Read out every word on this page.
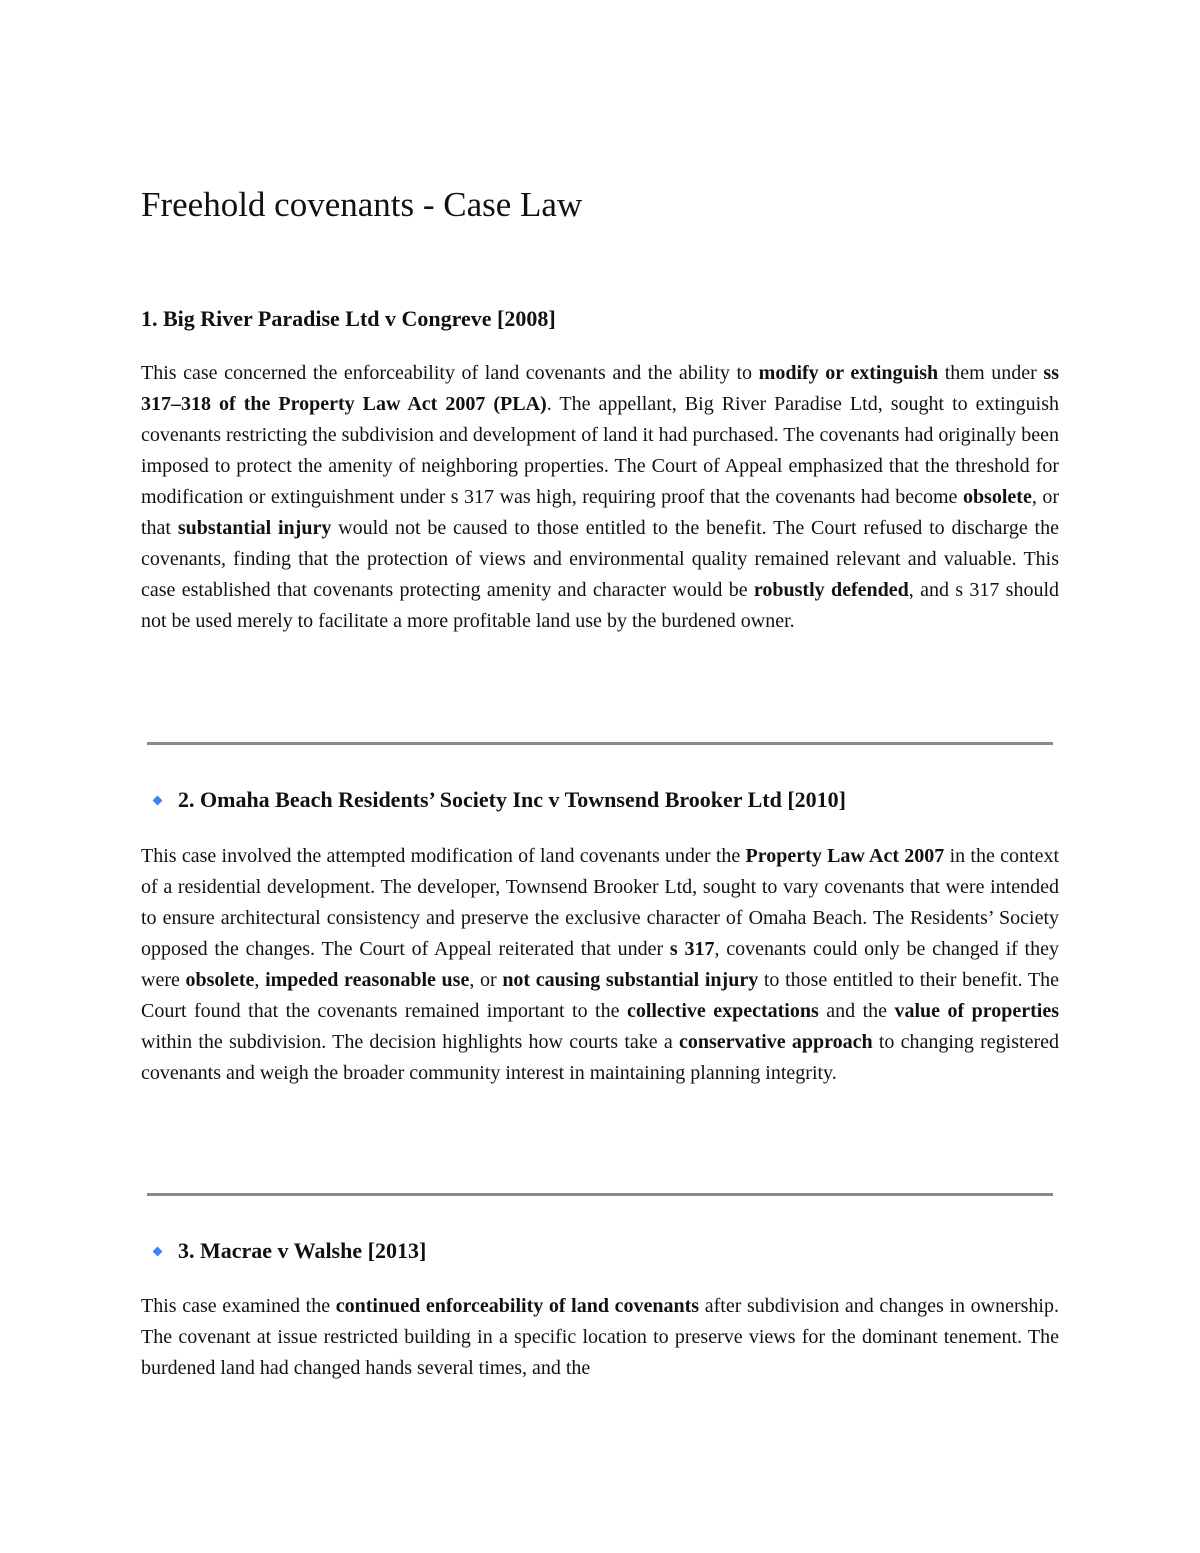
Freehold covenants - Case Law
1. Big River Paradise Ltd v Congreve [2008]

This case concerned the enforceability of land covenants and the ability to modify or extinguish them under ss 317–318 of the Property Law Act 2007 (PLA). The appellant, Big River Paradise Ltd, sought to extinguish covenants restricting the subdivision and development of land it had purchased. The covenants had originally been imposed to protect the amenity of neighboring properties. The Court of Appeal emphasized that the threshold for modification or extinguishment under s 317 was high, requiring proof that the covenants had become obsolete, or that substantial injury would not be caused to those entitled to the benefit. The Court refused to discharge the covenants, finding that the protection of views and environmental quality remained relevant and valuable. This case established that covenants protecting amenity and character would be robustly defended, and s 317 should not be used merely to facilitate a more profitable land use by the burdened owner.

2. Omaha Beach Residents’ Society Inc v Townsend Brooker Ltd [2010]

This case involved the attempted modification of land covenants under the Property Law Act 2007 in the context of a residential development. The developer, Townsend Brooker Ltd, sought to vary covenants that were intended to ensure architectural consistency and preserve the exclusive character of Omaha Beach. The Residents’ Society opposed the changes. The Court of Appeal reiterated that under s 317, covenants could only be changed if they were obsolete, impeded reasonable use, or not causing substantial injury to those entitled to their benefit. The Court found that the covenants remained important to the collective expectations and the value of properties within the subdivision. The decision highlights how courts take a conservative approach to changing registered covenants and weigh the broader community interest in maintaining planning integrity.

3. Macrae v Walshe [2013]

This case examined the continued enforceability of land covenants after subdivision and changes in ownership. The covenant at issue restricted building in a specific location to preserve views for the dominant tenement. The burdened land had changed hands several times, and the
